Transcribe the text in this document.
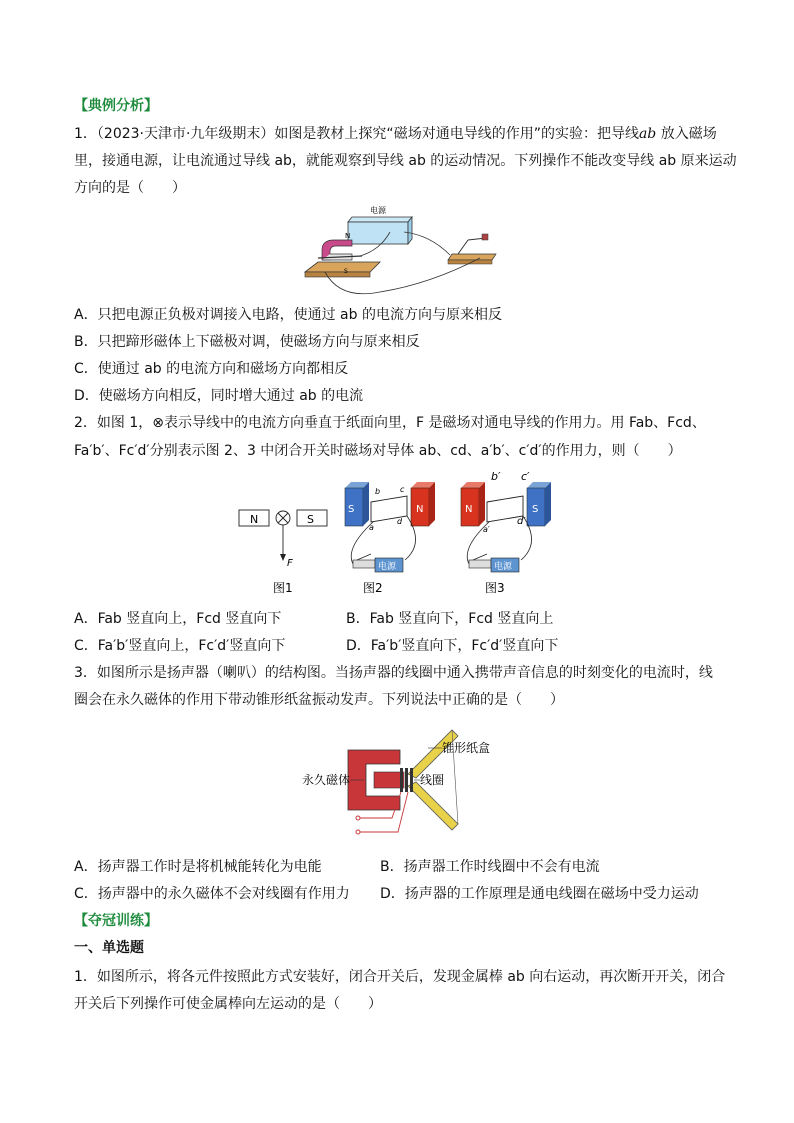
【典例分析】
1．（2023·天津市·九年级期末）如图是教材上探究“磁场对通电导线的作用”的实验：把导线ab 放入磁场
里，接通电源，让电流通过导线 ab，就能观察到导线 ab 的运动情况。下列操作不能改变导线 ab 原来运动
方向的是（　　）
电源
N
S
A．只把电源正负极对调接入电路，使通过 ab 的电流方向与原来相反
B．只把蹄形磁体上下磁极对调，使磁场方向与原来相反
C．使通过 ab 的电流方向和磁场方向都相反
D．使磁场方向相反，同时增大通过 ab 的电流
2．如图 1，⊗表示导线中的电流方向垂直于纸面向里，F 是磁场对通电导线的作用力。用 Fab、Fcd、
Fa′b′、Fc′d′分别表示图 2、3 中闭合开关时磁场对导体 ab、cd、a′b′、c′d′的作用力，则（　　）
N	S
F
图1
S	N
b c
d
a
电源
图2
N	S
b′ c′
d′
a′
电源
图3
A．Fab 竖直向上，Fcd 竖直向下	B．Fab 竖直向下，Fcd 竖直向上
C．Fa′b′竖直向上，Fc′d′竖直向下	D．Fa′b′竖直向下，Fc′d′竖直向下
3．如图所示是扬声器（喇叭）的结构图。当扬声器的线圈中通入携带声音信息的时刻变化的电流时，线
圈会在永久磁体的作用下带动锥形纸盆振动发声。下列说法中正确的是（　　）
锥形纸盒
永久磁体	线圈
A．扬声器工作时是将机械能转化为电能	B．扬声器工作时线圈中不会有电流
C．扬声器中的永久磁体不会对线圈有作用力 D．扬声器的工作原理是通电线圈在磁场中受力运动
【夺冠训练】
一、单选题
1．如图所示，将各元件按照此方式安装好，闭合开关后，发现金属棒 ab 向右运动，再次断开开关，闭合
开关后下列操作可使金属棒向左运动的是（　　）
